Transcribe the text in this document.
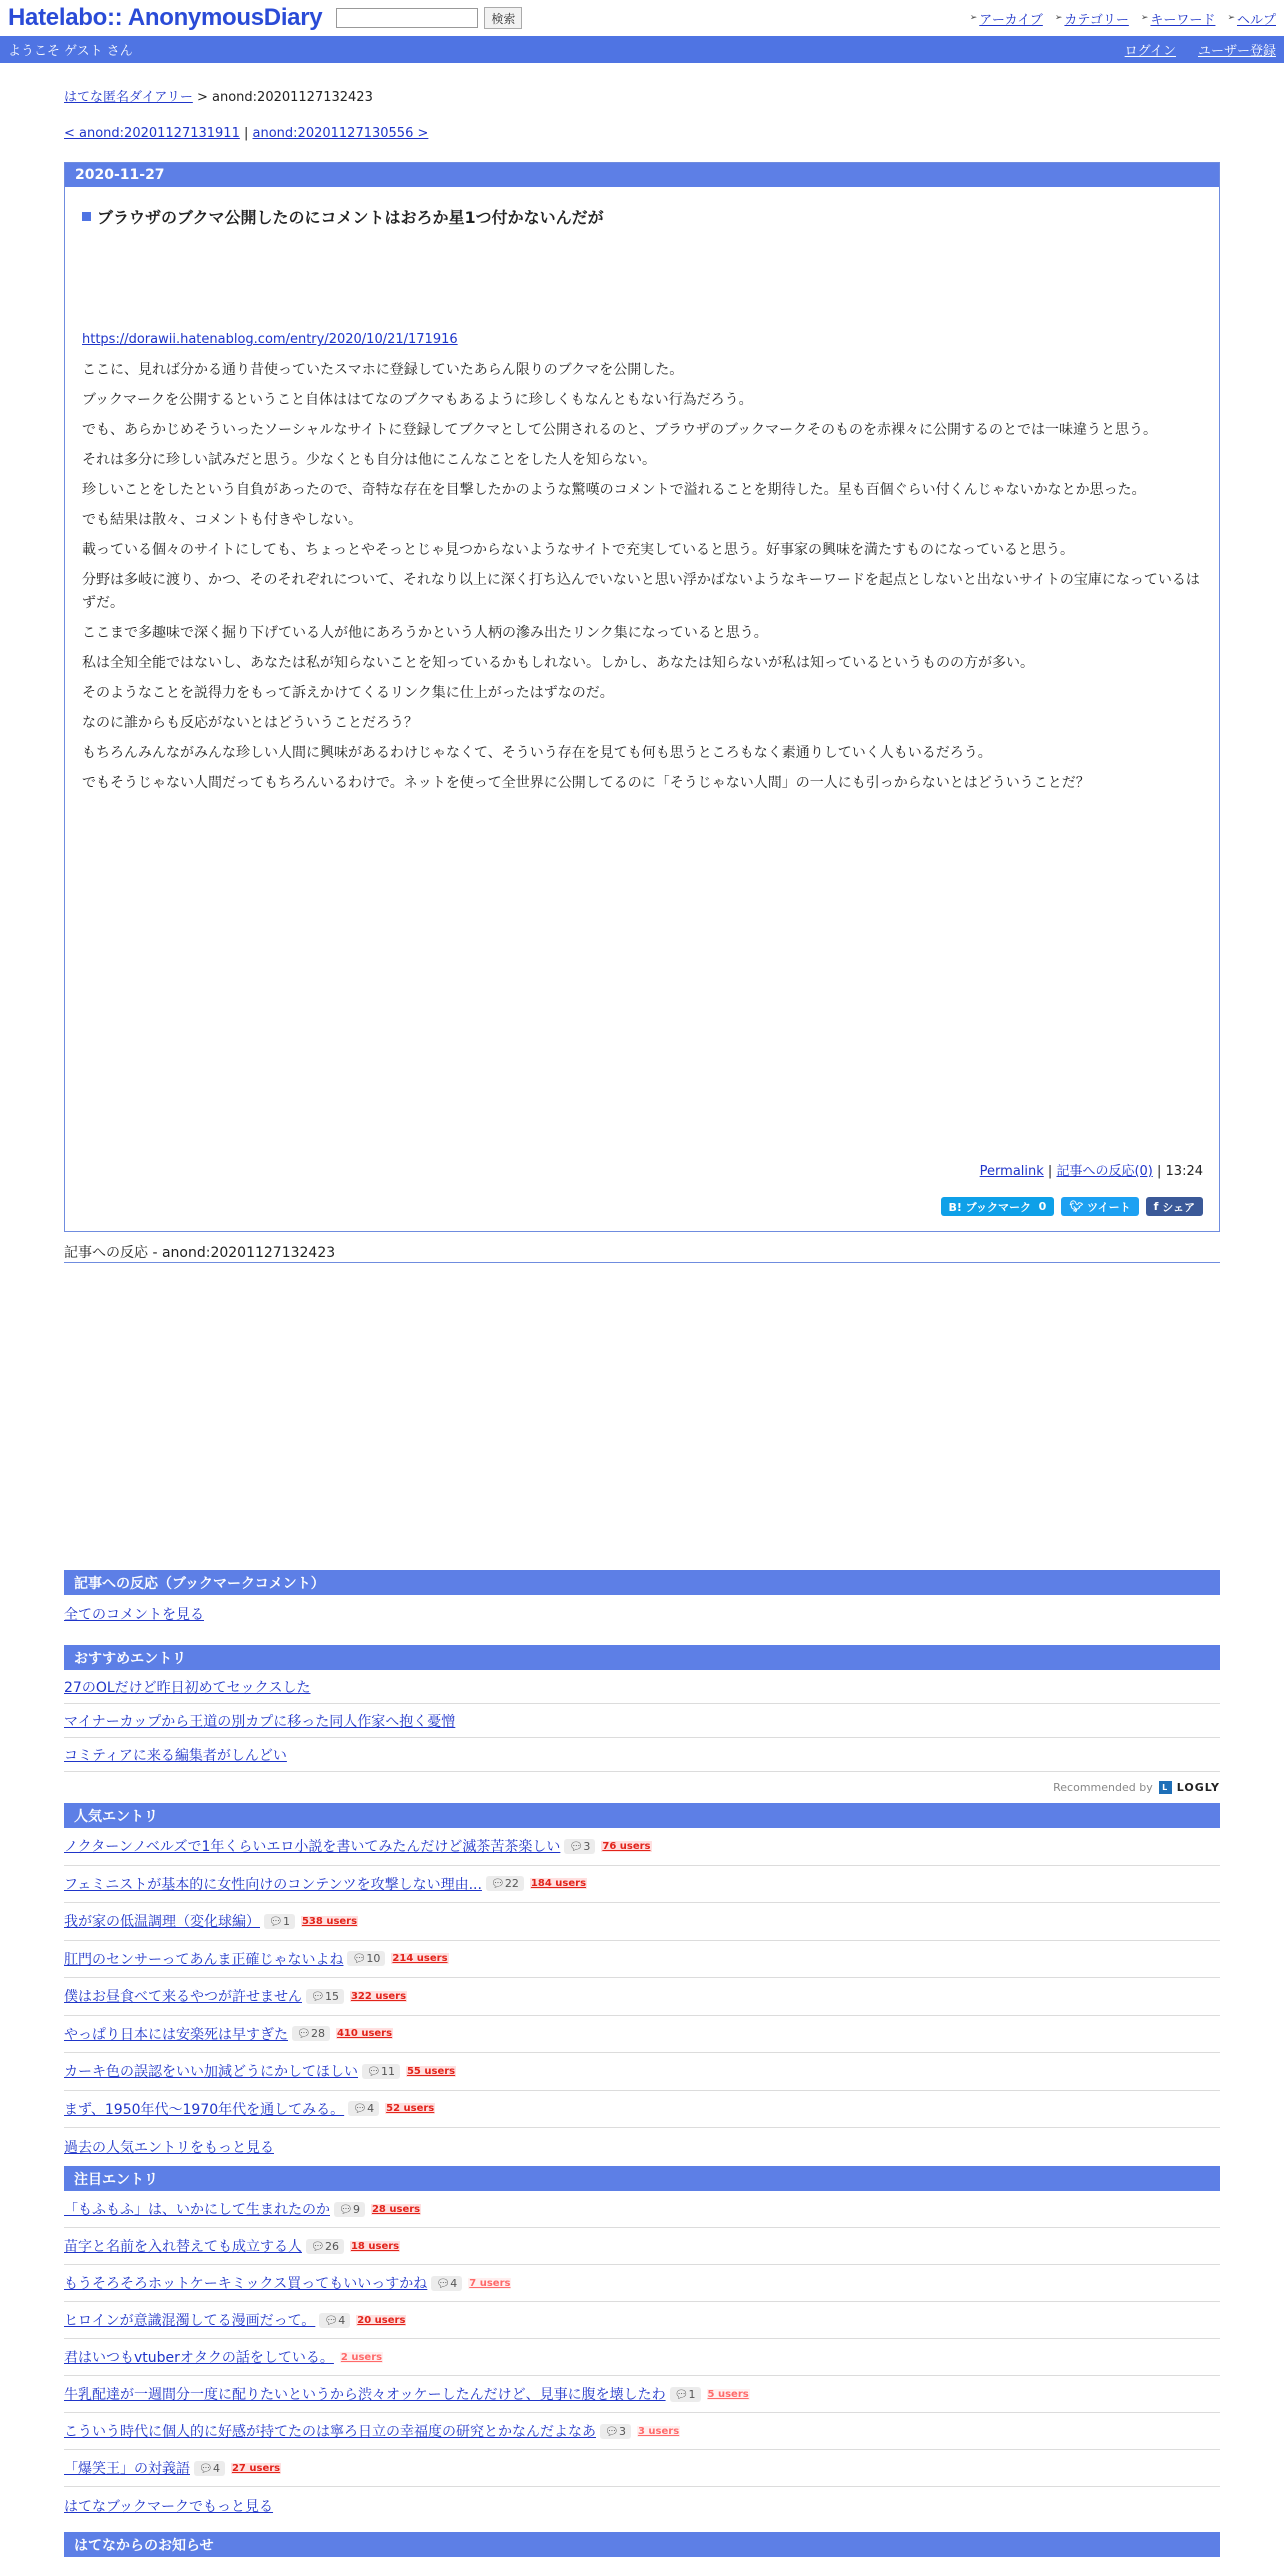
Hatelabo:: AnonymousDiary	検索	➢ アーカイブ ➢ カテゴリー ➢ キーワード ➢ ヘルプ
ようこそ ゲスト さん	ログイン ユーザー登録
はてな匿名ダイアリー > anond:20201127132423
< anond:20201127131911 | anond:20201127130556 >
2020-11-27
ブラウザのブクマ公開したのにコメントはおろか星1つ付かないんだが
https://dorawii.hatenablog.com/entry/2020/10/21/171916

ここに、見れば分かる通り昔使っていたスマホに登録していたあらん限りのブクマを公開した。

ブックマークを公開するということ自体ははてなのブクマもあるように珍しくもなんともない行為だろう。

でも、あらかじめそういったソーシャルなサイトに登録してブクマとして公開されるのと、ブラウザのブックマークそのものを赤裸々に公開するのとでは一味違うと思う。

それは多分に珍しい試みだと思う。少なくとも自分は他にこんなことをした人を知らない。

珍しいことをしたという自負があったので、奇特な存在を目撃したかのような驚嘆のコメントで溢れることを期待した。星も百個ぐらい付くんじゃないかなとか思った。

でも結果は散々、コメントも付きやしない。

載っている個々のサイトにしても、ちょっとやそっとじゃ見つからないようなサイトで充実していると思う。好事家の興味を満たすものになっていると思う。

分野は多岐に渡り、かつ、そのそれぞれについて、それなり以上に深く打ち込んでいないと思い浮かばないようなキーワードを起点としないと出ないサイトの宝庫になっているはずだ。

ここまで多趣味で深く掘り下げている人が他にあろうかという人柄の滲み出たリンク集になっていると思う。

私は全知全能ではないし、あなたは私が知らないことを知っているかもしれない。しかし、あなたは知らないが私は知っているというものの方が多い。

そのようなことを説得力をもって訴えかけてくるリンク集に仕上がったはずなのだ。

なのに誰からも反応がないとはどういうことだろう？

もちろんみんながみんな珍しい人間に興味があるわけじゃなくて、そういう存在を見ても何も思うところもなく素通りしていく人もいるだろう。

でもそうじゃない人間だってもちろんいるわけで。ネットを使って全世界に公開してるのに「そうじゃない人間」の一人にも引っからないとはどういうことだ？

Permalink | 記事への反応(0) | 13:24
B! ブックマーク
0 🐦︎
ツイート f
シェア
記事への反応 - anond:20201127132423
記事への反応（ブックマークコメント）
全てのコメントを見る
おすすめエントリ
27のOLだけど昨日初めてセックスした
マイナーカップから王道の別カプに移った同人作家へ抱く憂憎
コミティアに来る編集者がしんどい
Recommended by	L LOGLY
人気エントリ
ノクターンノベルズで1年くらいエロ小説を書いてみたんだけど滅茶苦茶楽しい 💬︎ 3 76 users
フェミニストが基本的に女性向けのコンテンツを攻撃しない理由... 💬︎ 22 184 users
我が家の低温調理（変化球編） 💬︎ 1 538 users
肛門のセンサーってあんま正確じゃないよね 💬︎ 10 214 users
僕はお昼食べて来るやつが許せません 💬︎ 15 322 users
やっぱり日本には安楽死は早すぎた 💬︎ 28 410 users
カーキ色の誤認をいい加減どうにかしてほしい 💬︎ 11 55 users
まず、1950年代〜1970年代を通してみる。 💬︎ 4 52 users
過去の人気エントリをもっと見る
注目エントリ
「もふもふ」は、いかにして生まれたのか 💬︎ 9 28 users
苗字と名前を入れ替えても成立する人 💬︎ 26 18 users
もうそろそろホットケーキミックス買ってもいいっすかね 💬︎ 4 7 users
ヒロインが意識混濁してる漫画だって。 💬︎ 4 20 users
君はいつもvtuberオタクの話をしている。 2 users
牛乳配達が一週間分一度に配りたいというから渋々オッケーしたんだけど、見事に腹を壊したわ 💬︎ 1 5 users
こういう時代に個人的に好感が持てたのは寧ろ日立の幸福度の研究とかなんだよなあ 💬︎ 3 3 users
「爆笑王」の対義語 💬︎ 4 27 users
はてなブックマークでもっと見る
はてなからのお知らせ
